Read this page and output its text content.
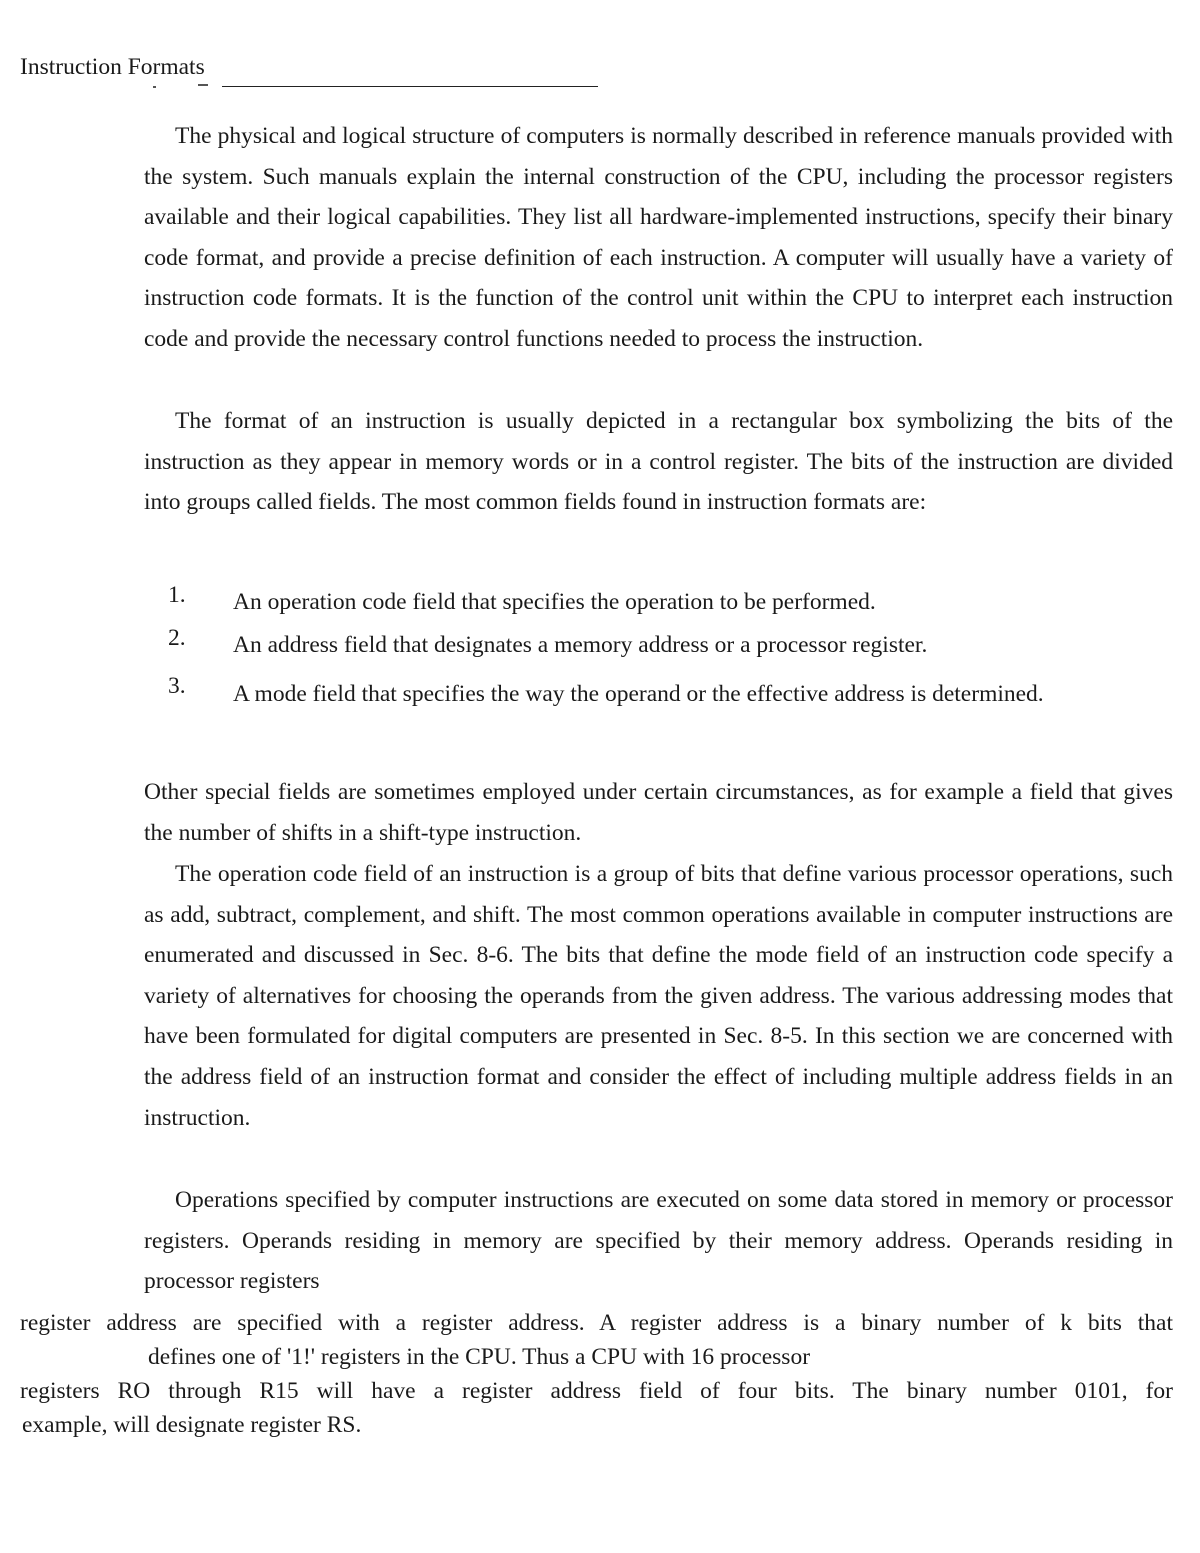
Instruction Formats

The physical and logical structure of computers is normally described in reference manuals provided with the system. Such manuals explain the internal construction of the CPU, including the processor registers available and their logical capabilities. They list all hardware-implemented instructions, specify their binary code format, and provide a precise definition of each instruction. A computer will usually have a variety of instruction code formats. It is the function of the control unit within the CPU to interpret each instruction code and provide the necessary control functions needed to process the instruction.

The format of an instruction is usually depicted in a rectangular box symbolizing the bits of the instruction as they appear in memory words or in a control register. The bits of the instruction are divided into groups called fields. The most common fields found in instruction formats are:

1.	An operation code field that specifies the operation to be performed.
2.	An address field that designates a memory address or a processor register.
3.	A mode field that specifies the way the operand or the effective address is determined.

Other special fields are sometimes employed under certain circumstances, as for example a field that gives the number of shifts in a shift-type instruction.

The operation code field of an instruction is a group of bits that define various processor operations, such as add, subtract, complement, and shift. The most common operations available in computer instructions are enumerated and discussed in Sec. 8-6. The bits that define the mode field of an instruction code specify a variety of alternatives for choosing the operands from the given address. The various addressing modes that have been formulated for digital computers are presented in Sec. 8-5. In this section we are concerned with the address field of an instruction format and consider the effect of including multiple address fields in an instruction.

Operations specified by computer instructions are executed on some data stored in memory or processor registers. Operands residing in memory are specified by their memory address. Operands residing in processor registers

register address are specified with a register address. A register address is a binary number of k bits that

defines one of '1!' registers in the CPU. Thus a CPU with 16 processor

registers RO through R15 will have a register address field of four bits. The binary number 0101, for

example, will designate register RS.
